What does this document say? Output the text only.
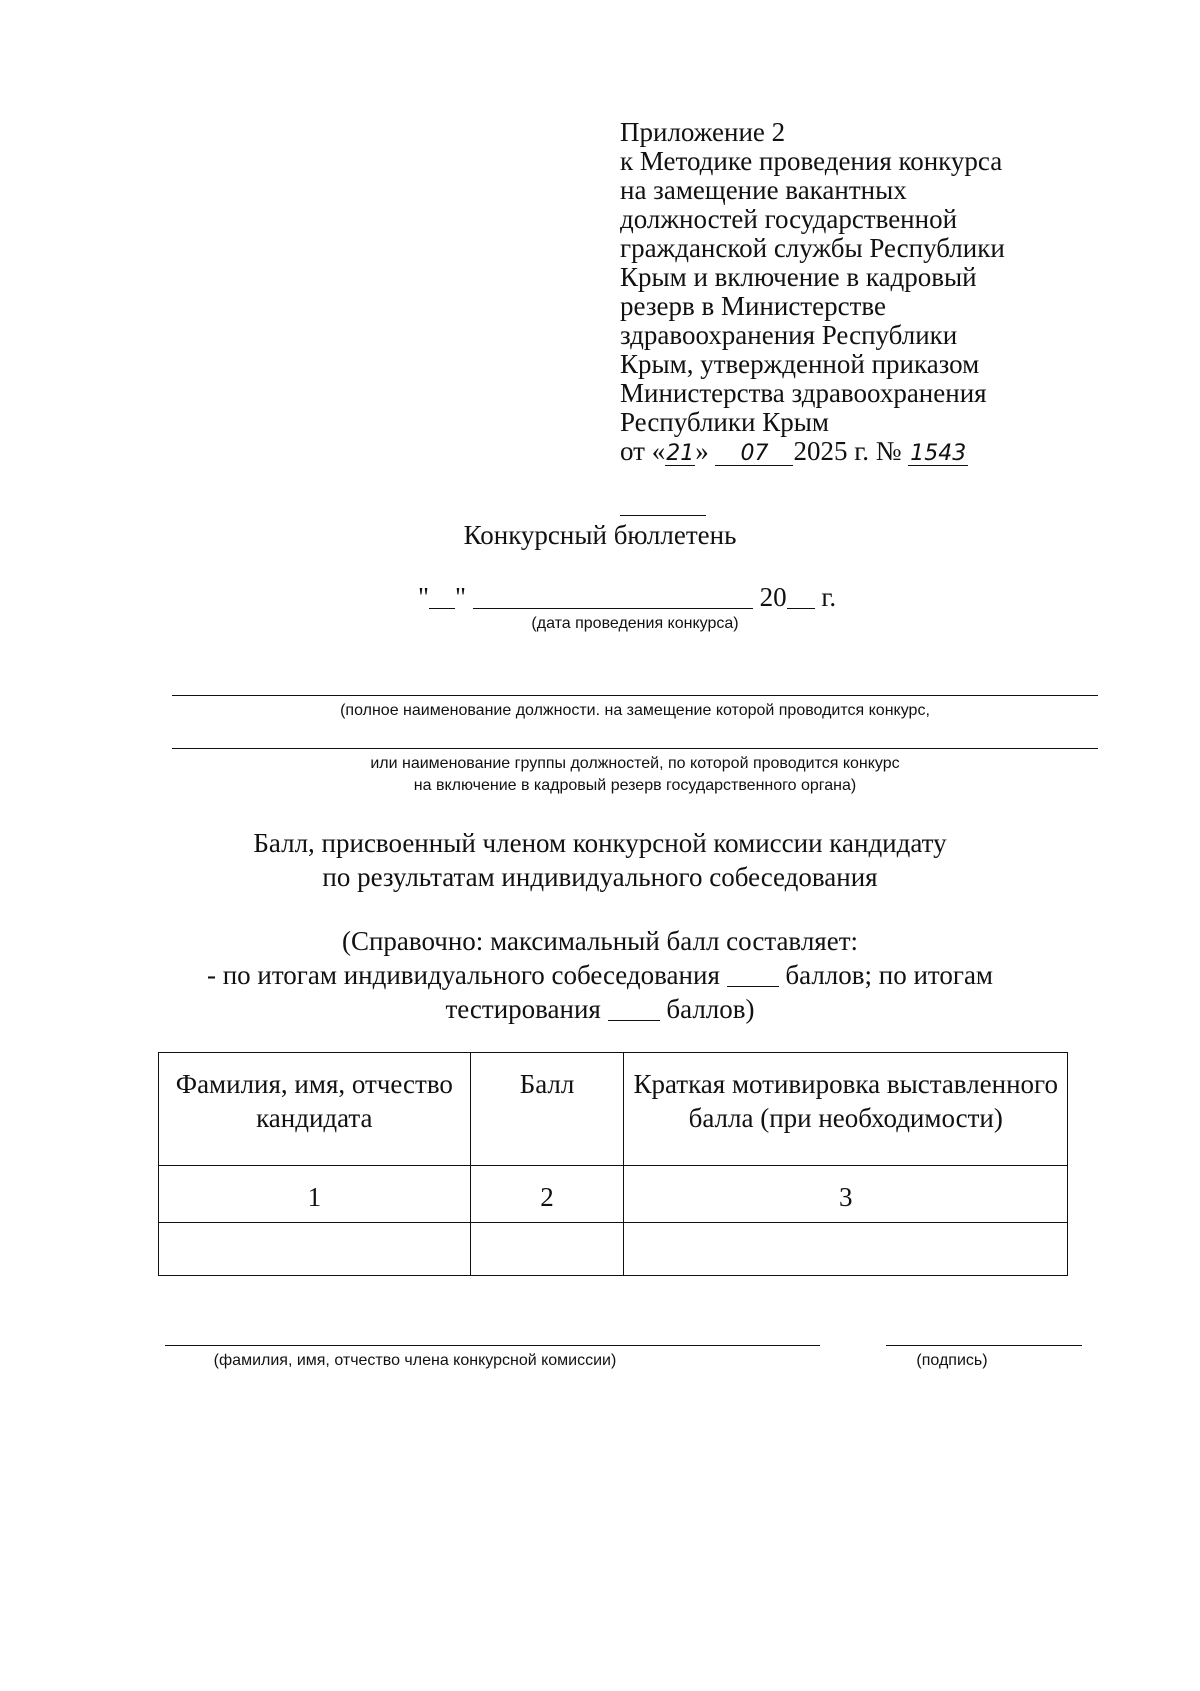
Приложение 2
к Методике проведения конкурса
на замещение вакантных
должностей государственной
гражданской службы Республики
Крым и включение в кадровый
резерв в Министерстве
здравоохранения Республики
Крым, утвержденной приказом
Министерства здравоохранения
Республики Крым
от «21» 07 2025 г. № 1543
Конкурсный бюллетень
" "	20 г.
(дата проведения конкурса)
(полное наименование должности. на замещение которой проводится конкурс,
или наименование группы должностей, по которой проводится конкурс
на включение в кадровый резерв государственного органа)
Балл, присвоенный членом конкурсной комиссии кандидату
по результатам индивидуального собеседования
(Справочно: максимальный балл составляет:
- по итогам индивидуального собеседования баллов; по итогам
тестирования баллов)
Фамилия, имя, отчество кандидата	Балл	Краткая мотивировка выставленного балла (при необходимости)
1	2	3

(фамилия, имя, отчество члена конкурсной комиссии)	(подпись)
